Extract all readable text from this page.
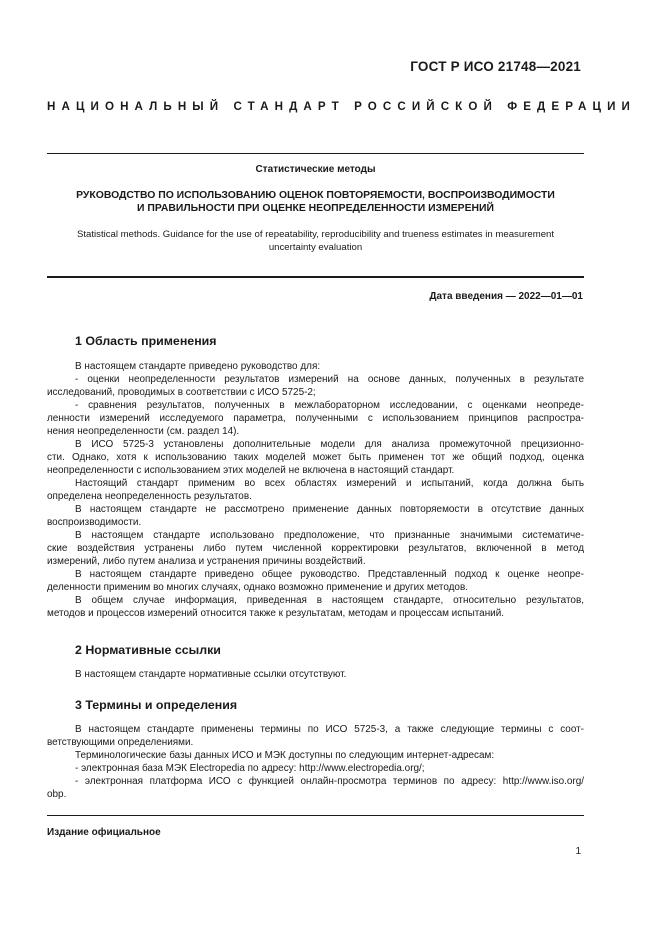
ГОСТ Р ИСО 21748—2021
НАЦИОНАЛЬНЫЙ СТАНДАРТ РОССИЙСКОЙ ФЕДЕРАЦИИ
Статистические методы
РУКОВОДСТВО ПО ИСПОЛЬЗОВАНИЮ ОЦЕНОК ПОВТОРЯЕМОСТИ, ВОСПРОИЗВОДИМОСТИ
И ПРАВИЛЬНОСТИ ПРИ ОЦЕНКЕ НЕОПРЕДЕЛЕННОСТИ ИЗМЕРЕНИЙ
Statistical methods. Guidance for the use of repeatability, reproducibility and trueness estimates in measurement
uncertainty evaluation
Дата введения — 2022—01—01
1 Область применения
В настоящем стандарте приведено руководство для:
- оценки неопределенности результатов измерений на основе данных, полученных в результате
исследований, проводимых в соответствии с ИСО 5725-2;
- сравнения результатов, полученных в межлабораторном исследовании, с оценками неопреде-
ленности измерений исследуемого параметра, полученными с использованием принципов распростра-
нения неопределенности (см. раздел 14).
В ИСО 5725-3 установлены дополнительные модели для анализа промежуточной прецизионно-
сти. Однако, хотя к использованию таких моделей может быть применен тот же общий подход, оценка
неопределенности с использованием этих моделей не включена в настоящий стандарт.
Настоящий стандарт применим во всех областях измерений и испытаний, когда должна быть
определена неопределенность результатов.
В настоящем стандарте не рассмотрено применение данных повторяемости в отсутствие данных
воспроизводимости.
В настоящем стандарте использовано предположение, что признанные значимыми систематиче-
ские воздействия устранены либо путем численной корректировки результатов, включенной в метод
измерений, либо путем анализа и устранения причины воздействий.
В настоящем стандарте приведено общее руководство. Представленный подход к оценке неопре-
деленности применим во многих случаях, однако возможно применение и других методов.
В общем случае информация, приведенная в настоящем стандарте, относительно результатов,
методов и процессов измерений относится также к результатам, методам и процессам испытаний.
2 Нормативные ссылки
В настоящем стандарте нормативные ссылки отсутствуют.
3 Термины и определения
В настоящем стандарте применены термины по ИСО 5725-3, а также следующие термины с соот-
ветствующими определениями.
Терминологические базы данных ИСО и МЭК доступны по следующим интернет-адресам:
- электронная база МЭК Electropedia по адресу: http://www.electropedia.org/;
- электронная платформа ИСО с функцией онлайн-просмотра терминов по адресу: http://www.iso.org/
obp.
Издание официальное
1
